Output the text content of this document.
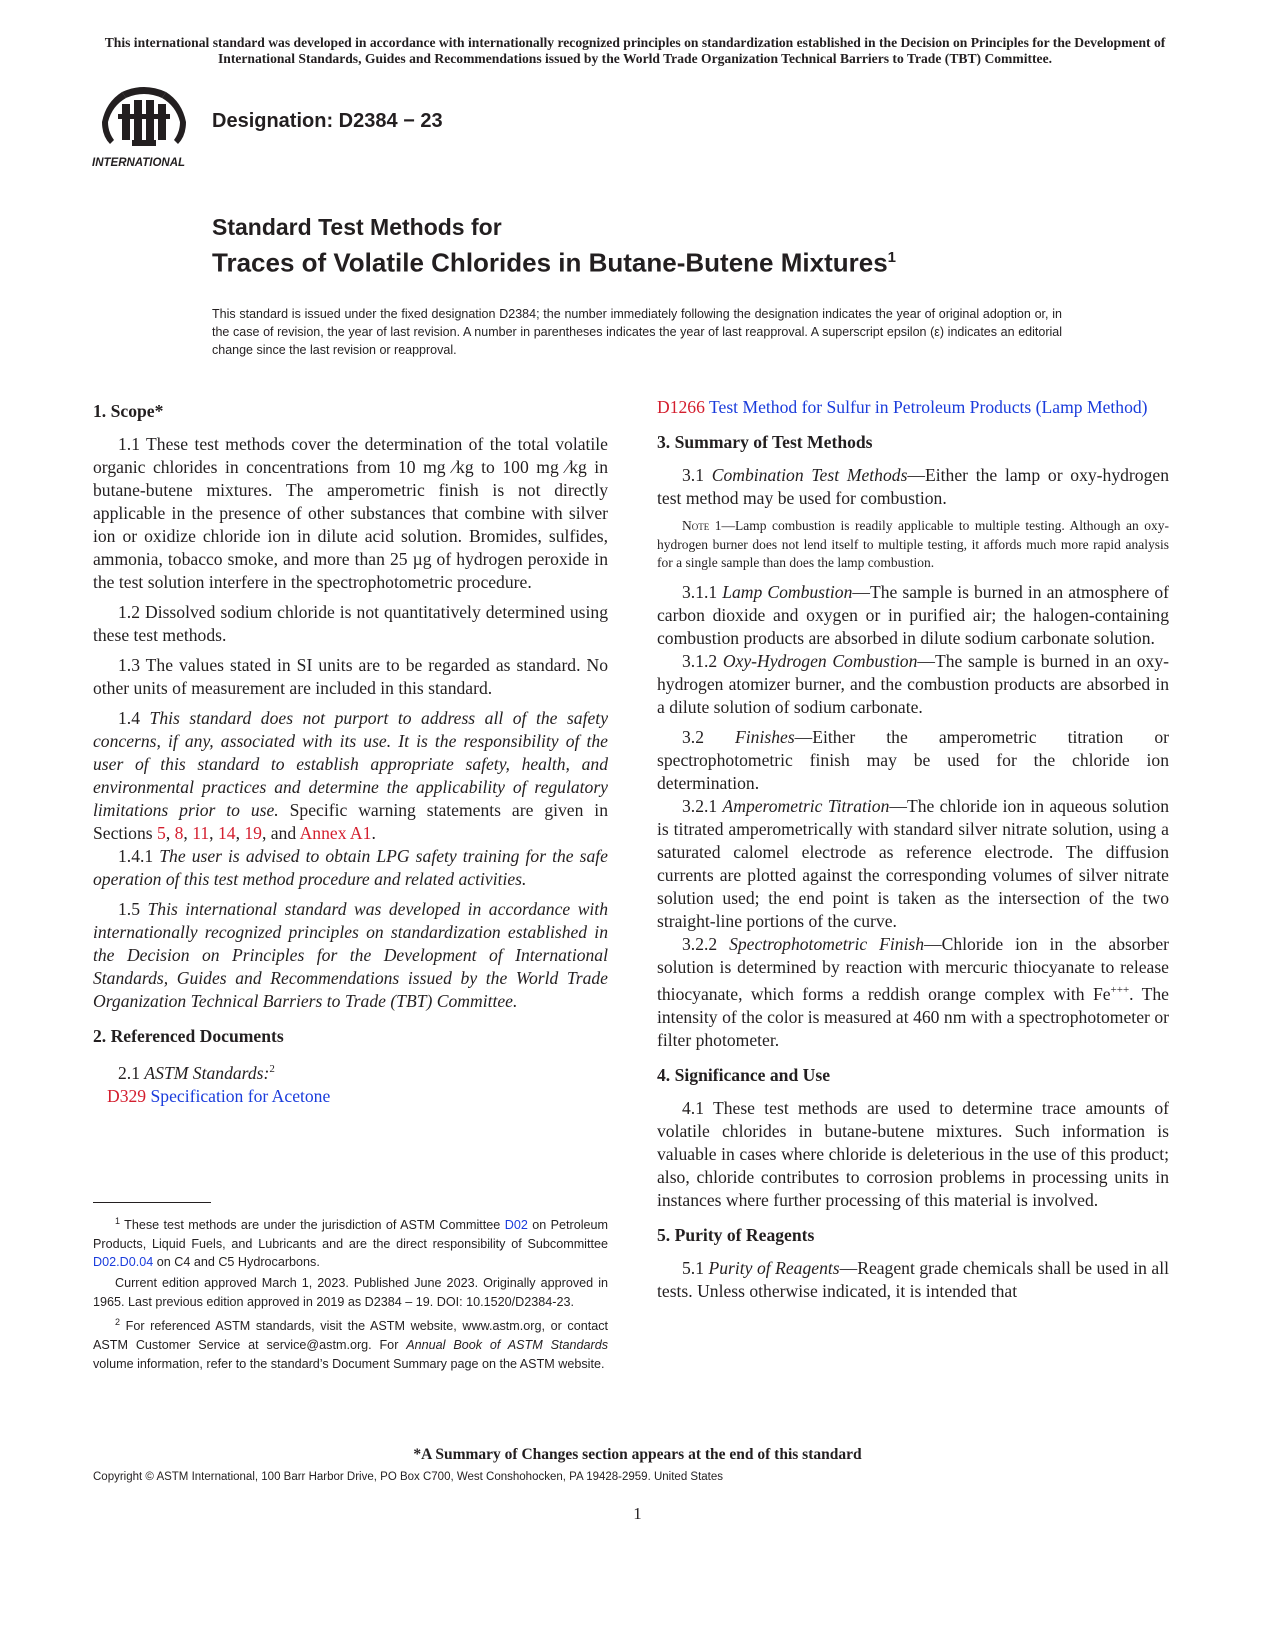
This international standard was developed in accordance with internationally recognized principles on standardization established in the Decision on Principles for the Development of International Standards, Guides and Recommendations issued by the World Trade Organization Technical Barriers to Trade (TBT) Committee.
INTERNATIONAL
Designation: D2384 − 23
Standard Test Methods for
Traces of Volatile Chlorides in Butane-Butene Mixtures$^1$
This standard is issued under the fixed designation D2384; the number immediately following the designation indicates the year of original adoption or, in the case of revision, the year of last revision. A number in parentheses indicates the year of last reapproval. A superscript epsilon (ε) indicates an editorial change since the last revision or reapproval.
1. Scope*
1.1 These test methods cover the determination of the total volatile organic chlorides in concentrations from 10 mg ⁄kg to 100 mg ⁄kg in butane-butene mixtures. The amperometric finish is not directly applicable in the presence of other substances that combine with silver ion or oxidize chloride ion in dilute acid solution. Bromides, sulfides, ammonia, tobacco smoke, and more than 25 µg of hydrogen peroxide in the test solution interfere in the spectrophotometric procedure.
1.2 Dissolved sodium chloride is not quantitatively determined using these test methods.
1.3 The values stated in SI units are to be regarded as standard. No other units of measurement are included in this standard.
1.4 This standard does not purport to address all of the safety concerns, if any, associated with its use. It is the responsibility of the user of this standard to establish appropriate safety, health, and environmental practices and determine the applicability of regulatory limitations prior to use. Specific warning statements are given in Sections 5, 8, 11, 14, 19, and Annex A1.
1.4.1 The user is advised to obtain LPG safety training for the safe operation of this test method procedure and related activities.
1.5 This international standard was developed in accordance with internationally recognized principles on standardization established in the Decision on Principles for the Development of International Standards, Guides and Recommendations issued by the World Trade Organization Technical Barriers to Trade (TBT) Committee.
2. Referenced Documents
2.1 ASTM Standards:$^2$
D329 Specification for Acetone
$^1$ These test methods are under the jurisdiction of ASTM Committee D02 on Petroleum Products, Liquid Fuels, and Lubricants and are the direct responsibility of Subcommittee D02.D0.04 on C4 and C5 Hydrocarbons.
Current edition approved March 1, 2023. Published June 2023. Originally approved in 1965. Last previous edition approved in 2019 as D2384 – 19. DOI: 10.1520/D2384-23.
$^2$ For referenced ASTM standards, visit the ASTM website, www.astm.org, or contact ASTM Customer Service at service@astm.org. For Annual Book of ASTM Standards volume information, refer to the standard’s Document Summary page on the ASTM website.
D1266 Test Method for Sulfur in Petroleum Products (Lamp Method)
3. Summary of Test Methods
3.1 Combination Test Methods—Either the lamp or oxy-hydrogen test method may be used for combustion.
Note 1—Lamp combustion is readily applicable to multiple testing. Although an oxy-hydrogen burner does not lend itself to multiple testing, it affords much more rapid analysis for a single sample than does the lamp combustion.
3.1.1 Lamp Combustion—The sample is burned in an atmosphere of carbon dioxide and oxygen or in purified air; the halogen-containing combustion products are absorbed in dilute sodium carbonate solution.
3.1.2 Oxy-Hydrogen Combustion—The sample is burned in an oxy-hydrogen atomizer burner, and the combustion products are absorbed in a dilute solution of sodium carbonate.
3.2 Finishes—Either the amperometric titration or spectrophotometric finish may be used for the chloride ion determination.
3.2.1 Amperometric Titration—The chloride ion in aqueous solution is titrated amperometrically with standard silver nitrate solution, using a saturated calomel electrode as reference electrode. The diffusion currents are plotted against the corresponding volumes of silver nitrate solution used; the end point is taken as the intersection of the two straight-line portions of the curve.
3.2.2 Spectrophotometric Finish—Chloride ion in the absorber solution is determined by reaction with mercuric thiocyanate to release thiocyanate, which forms a reddish orange complex with Fe+++. The intensity of the color is measured at 460 nm with a spectrophotometer or filter photometer.
4. Significance and Use
4.1 These test methods are used to determine trace amounts of volatile chlorides in butane-butene mixtures. Such information is valuable in cases where chloride is deleterious in the use of this product; also, chloride contributes to corrosion problems in processing units in instances where further processing of this material is involved.
5. Purity of Reagents
5.1 Purity of Reagents—Reagent grade chemicals shall be used in all tests. Unless otherwise indicated, it is intended that
*A Summary of Changes section appears at the end of this standard
Copyright © ASTM International, 100 Barr Harbor Drive, PO Box C700, West Conshohocken, PA 19428-2959. United States
1
